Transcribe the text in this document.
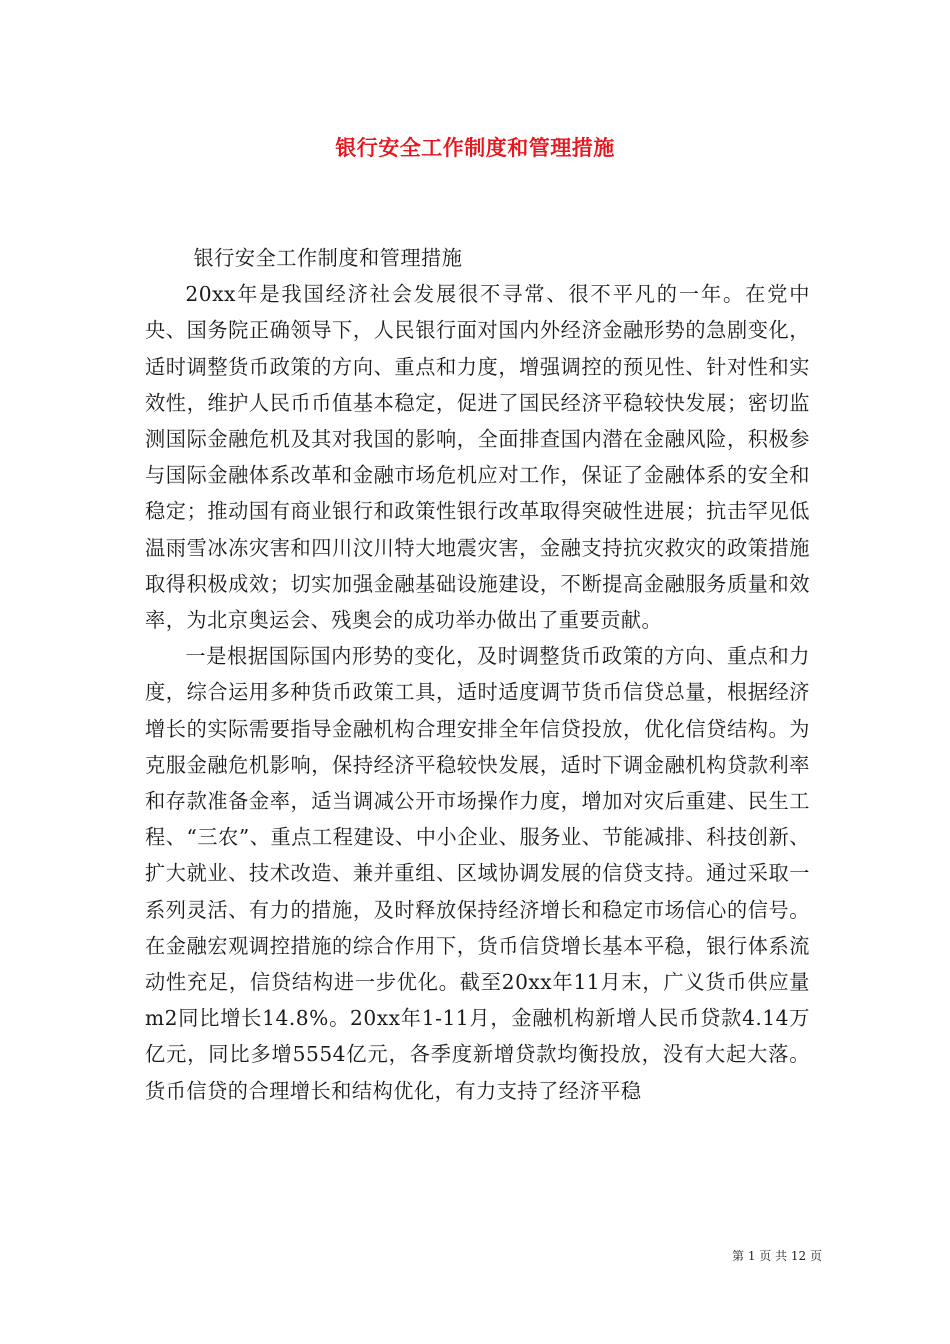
银行安全工作制度和管理措施

银行安全工作制度和管理措施

20xx年是我国经济社会发展很不寻常、很不平凡的一年。在党中央、国务院正确领导下，人民银行面对国内外经济金融形势的急剧变化，适时调整货币政策的方向、重点和力度，增强调控的预见性、针对性和实效性，维护人民币币值基本稳定，促进了国民经济平稳较快发展；密切监测国际金融危机及其对我国的影响，全面排查国内潜在金融风险，积极参与国际金融体系改革和金融市场危机应对工作，保证了金融体系的安全和稳定；推动国有商业银行和政策性银行改革取得突破性进展；抗击罕见低温雨雪冰冻灾害和四川汶川特大地震灾害，金融支持抗灾救灾的政策措施取得积极成效；切实加强金融基础设施建设，不断提高金融服务质量和效率，为北京奥运会、残奥会的成功举办做出了重要贡献。

一是根据国际国内形势的变化，及时调整货币政策的方向、重点和力度，综合运用多种货币政策工具，适时适度调节货币信贷总量，根据经济增长的实际需要指导金融机构合理安排全年信贷投放，优化信贷结构。为克服金融危机影响，保持经济平稳较快发展，适时下调金融机构贷款利率和存款准备金率，适当调减公开市场操作力度，增加对灾后重建、民生工程、“三农”、重点工程建设、中小企业、服务业、节能减排、科技创新、扩大就业、技术改造、兼并重组、区域协调发展的信贷支持。通过采取一系列灵活、有力的措施，及时释放保持经济增长和稳定市场信心的信号。在金融宏观调控措施的综合作用下，货币信贷增长基本平稳，银行体系流动性充足，信贷结构进一步优化。截至20xx年11月末，广义货币供应量m2同比增长14.8%。20xx年1-11月，金融机构新增人民币贷款4.14万亿元，同比多增5554亿元，各季度新增贷款均衡投放，没有大起大落。货币信贷的合理增长和结构优化，有力支持了经济平稳

第 1 页 共 12 页
